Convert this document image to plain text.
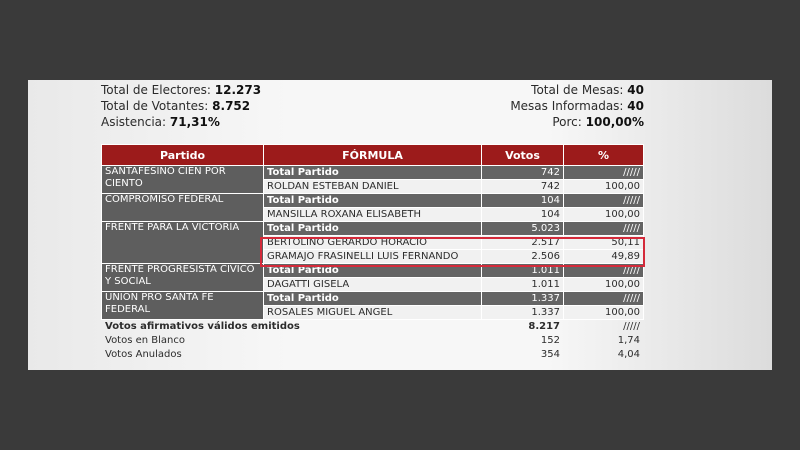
Total de Electores: 12.273
Total de Votantes: 8.752
Asistencia: 71,31%
Total de Mesas: 40
Mesas Informadas: 40
Porc: 100,00%
Partido	FÓRMULA	Votos	%
SANTAFESINO CIEN POR CIENTO	Total Partido	742	/////
	ROLDAN ESTEBAN DANIEL	742	100,00
COMPROMISO FEDERAL	Total Partido	104	/////
	MANSILLA ROXANA ELISABETH	104	100,00
FRENTE PARA LA VICTORIA	Total Partido	5.023	/////
	BERTOLINO GERARDO HORACIO	2.517	50,11
	GRAMAJO FRASINELLI LUIS FERNANDO	2.506	49,89
FRENTE PROGRESISTA CIVICO Y SOCIAL	Total Partido	1.011	/////
	DAGATTI GISELA	1.011	100,00
UNION PRO SANTA FE FEDERAL	Total Partido	1.337	/////
	ROSALES MIGUEL ANGEL	1.337	100,00
Votos afirmativos válidos emitidos		8.217	/////
Votos en Blanco		152	1,74
Votos Anulados		354	4,04
